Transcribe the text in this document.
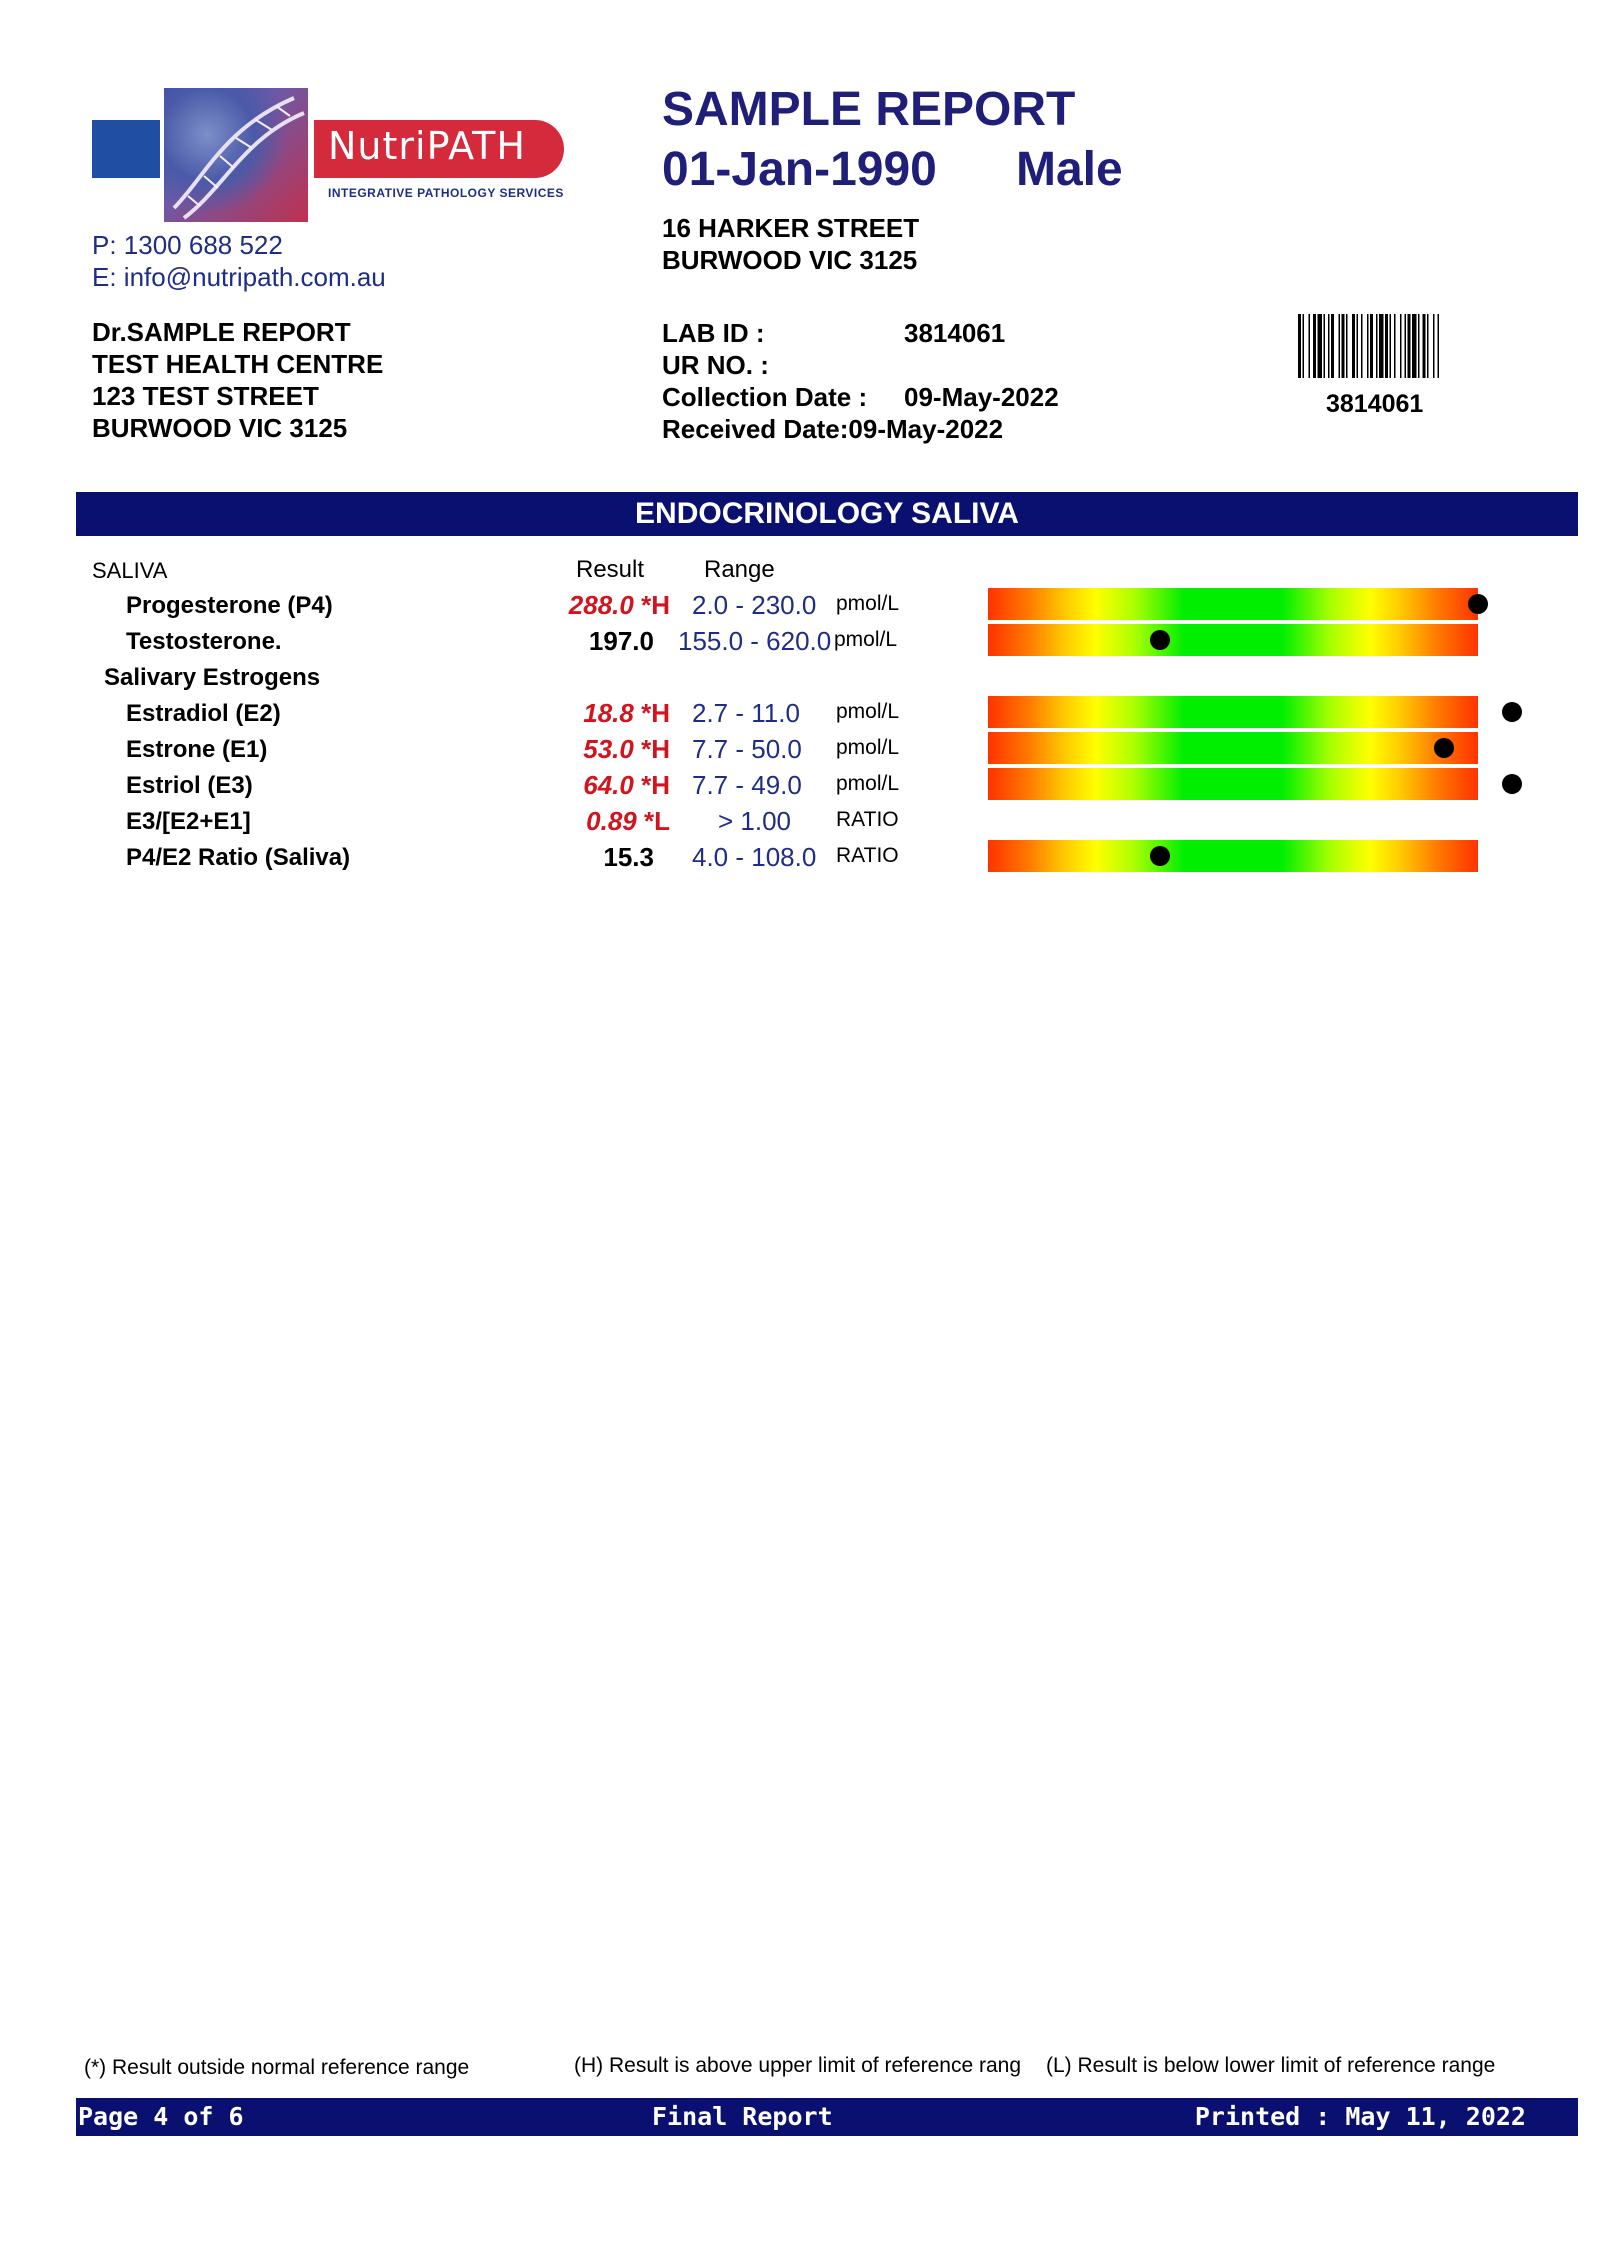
NutriPATH
INTEGRATIVE PATHOLOGY SERVICES
P: 1300 688 522
E: info@nutripath.com.au
Dr.SAMPLE REPORT
TEST HEALTH CENTRE
123 TEST STREET
BURWOOD VIC 3125
SAMPLE REPORT
01-Jan-1990 Male
16 HARKER STREET
BURWOOD VIC 3125
LAB ID :	3814061
UR NO. :
Collection Date : 09-May-2022
Received Date:09-May-2022
3814061
ENDOCRINOLOGY SALIVA
SALIVA	Result Range
Progesterone (P4)	288.0 *H 2.0 - 230.0 pmol/L
Testosterone.	197.0 155.0 - 620.0 pmol/L
Estradiol (E2)	18.8 *H 2.7 - 11.0 pmol/L
Estrone (E1)	53.0 *H 7.7 - 50.0 pmol/L
Estriol (E3)	64.0 *H 7.7 - 49.0 pmol/L
E3/[E2+E1]	0.89 *L > 1.00 RATIO
P4/E2 Ratio (Saliva)	15.3 4.0 - 108.0 RATIO
Salivary Estrogens
(*) Result outside normal reference range	(H) Result is above upper limit of reference rang (L) Result is below lower limit of reference range
Page 4 of 6	Final Report	Printed : May 11, 2022
